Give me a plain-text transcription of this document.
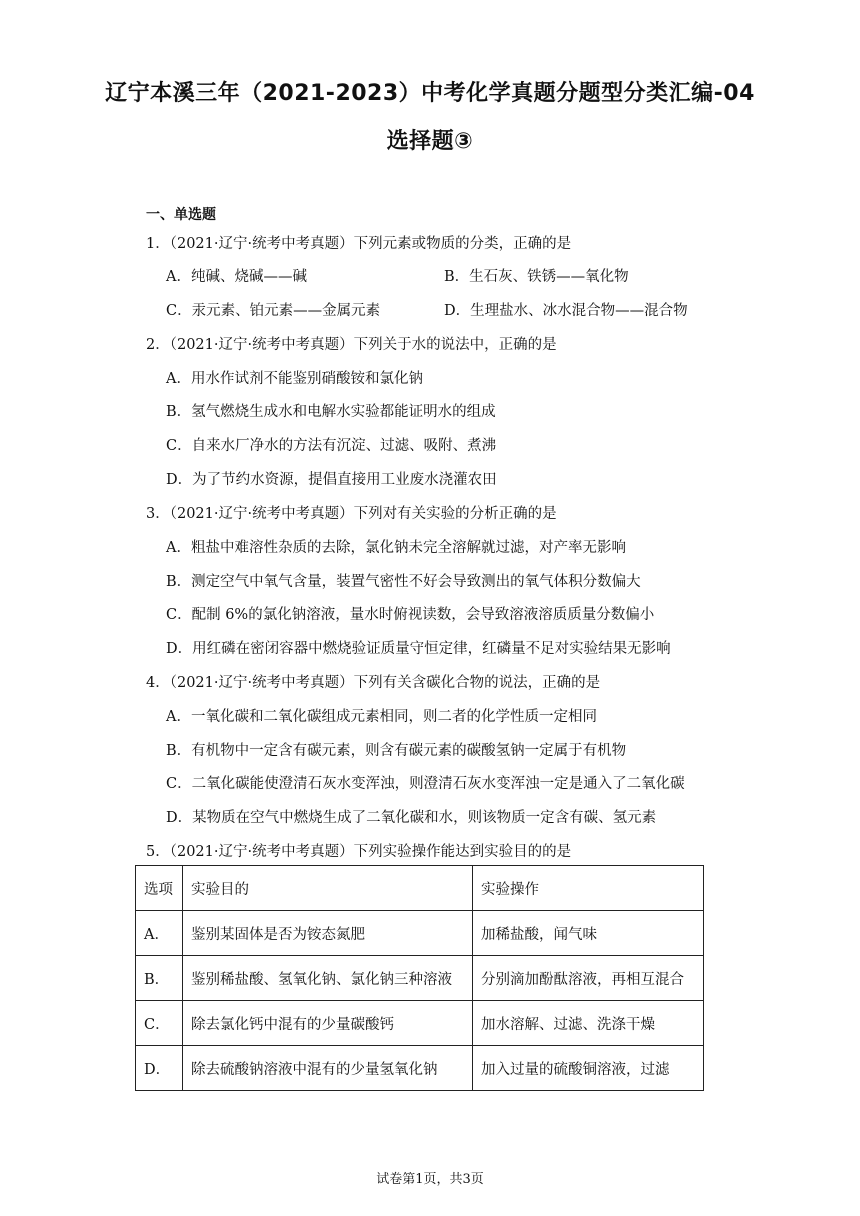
辽宁本溪三年（2021-2023）中考化学真题分题型分类汇编-04
选择题③
一、单选题
1．（2021·辽宁·统考中考真题）下列元素或物质的分类，正确的是
A．纯碱、烧碱——碱	B．生石灰、铁锈——氧化物
C．汞元素、铂元素——金属元素	D．生理盐水、冰水混合物——混合物
2．（2021·辽宁·统考中考真题）下列关于水的说法中，正确的是
A．用水作试剂不能鉴别硝酸铵和氯化钠
B．氢气燃烧生成水和电解水实验都能证明水的组成
C．自来水厂净水的方法有沉淀、过滤、吸附、煮沸
D．为了节约水资源，提倡直接用工业废水浇灌农田
3．（2021·辽宁·统考中考真题）下列对有关实验的分析正确的是
A．粗盐中难溶性杂质的去除，氯化钠未完全溶解就过滤，对产率无影响
B．测定空气中氧气含量，装置气密性不好会导致测出的氧气体积分数偏大
C．配制 6%的氯化钠溶液，量水时俯视读数，会导致溶液溶质质量分数偏小
D．用红磷在密闭容器中燃烧验证质量守恒定律，红磷量不足对实验结果无影响
4．（2021·辽宁·统考中考真题）下列有关含碳化合物的说法，正确的是
A．一氧化碳和二氧化碳组成元素相同，则二者的化学性质一定相同
B．有机物中一定含有碳元素，则含有碳元素的碳酸氢钠一定属于有机物
C．二氧化碳能使澄清石灰水变浑浊，则澄清石灰水变浑浊一定是通入了二氧化碳
D．某物质在空气中燃烧生成了二氧化碳和水，则该物质一定含有碳、氢元素
5．（2021·辽宁·统考中考真题）下列实验操作能达到实验目的的是
选项	实验目的	实验操作
A．	鉴别某固体是否为铵态氮肥	加稀盐酸，闻气味
B．	鉴别稀盐酸、氢氧化钠、氯化钠三种溶液	分别滴加酚酞溶液，再相互混合
C．	除去氯化钙中混有的少量碳酸钙	加水溶解、过滤、洗涤干燥
D．	除去硫酸钠溶液中混有的少量氢氧化钠	加入过量的硫酸铜溶液，过滤
试卷第1页，共3页
